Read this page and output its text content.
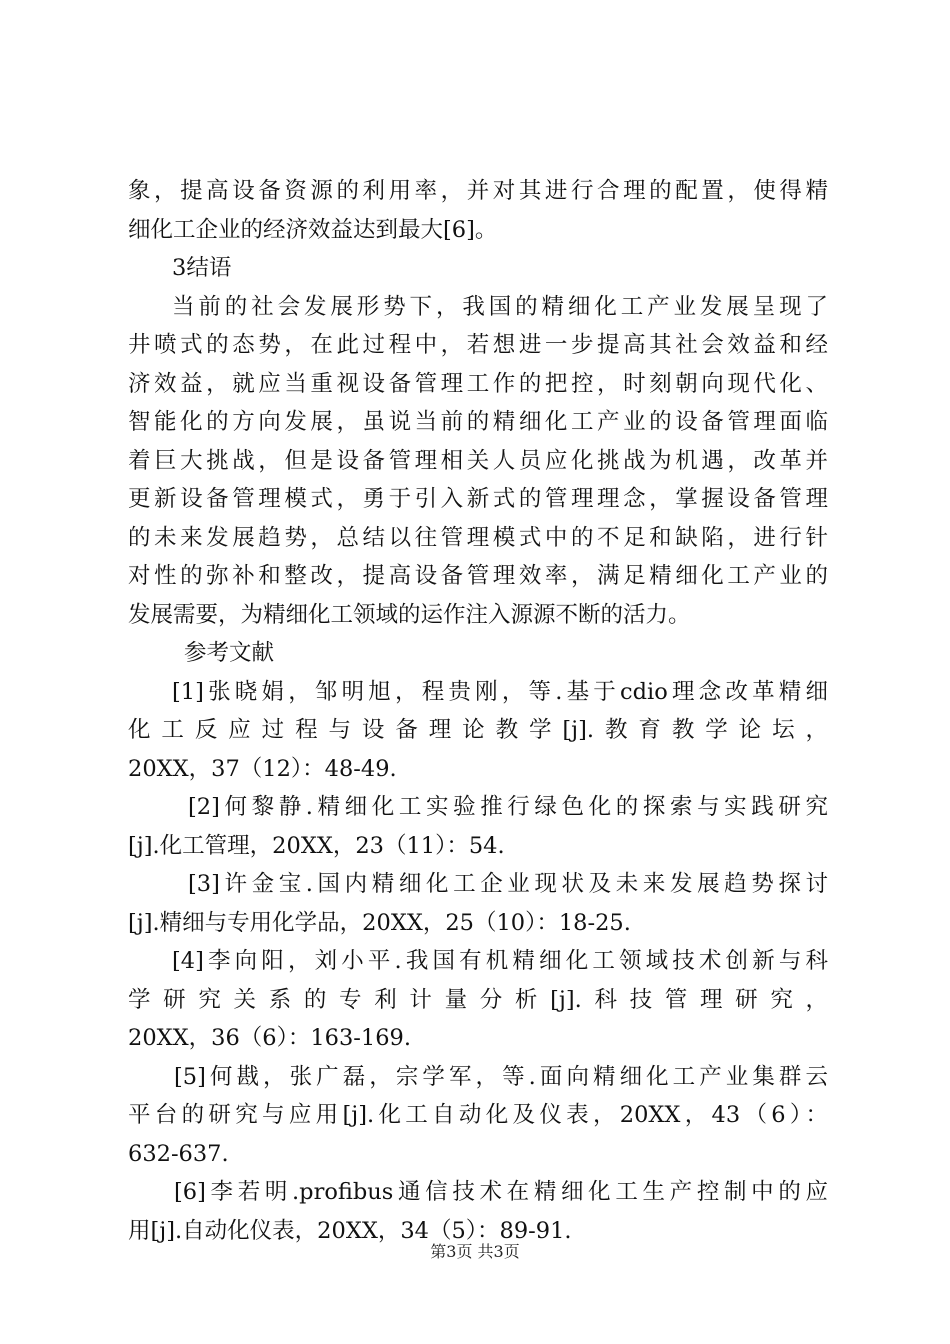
象，提高设备资源的利用率，并对其进行合理的配置，使得精
细化工企业的经济效益达到最大[6]。
3结语
当前的社会发展形势下，我国的精细化工产业发展呈现了
井喷式的态势，在此过程中，若想进一步提高其社会效益和经
济效益，就应当重视设备管理工作的把控，时刻朝向现代化、
智能化的方向发展，虽说当前的精细化工产业的设备管理面临
着巨大挑战，但是设备管理相关人员应化挑战为机遇，改革并
更新设备管理模式，勇于引入新式的管理理念，掌握设备管理
的未来发展趋势，总结以往管理模式中的不足和缺陷，进行针
对性的弥补和整改，提高设备管理效率，满足精细化工产业的
发展需要，为精细化工领域的运作注入源源不断的活力。
参考文献
[1]张晓娟，邹明旭，程贵刚，等.基于cdio理念改革精细
化工反应过程与设备理论教学[j].教育教学论坛，
20XX，37（12）：48-49.
[2]何黎静.精细化工实验推行绿色化的探索与实践研究
[j].化工管理，20XX，23（11）：54.
[3]许金宝.国内精细化工企业现状及未来发展趋势探讨
[j].精细与专用化学品，20XX，25（10）：18-25.
[4]李向阳，刘小平.我国有机精细化工领域技术创新与科
学研究关系的专利计量分析[j].科技管理研究，
20XX，36（6）：163-169.
[5]何戡，张广磊，宗学军，等.面向精细化工产业集群云
平台的研究与应用[j].化工自动化及仪表，20XX，43（6）：
632-637.
[6]李若明.profibus通信技术在精细化工生产控制中的应
用[j].自动化仪表，20XX，34（5）：89-91.
第3页 共3页
